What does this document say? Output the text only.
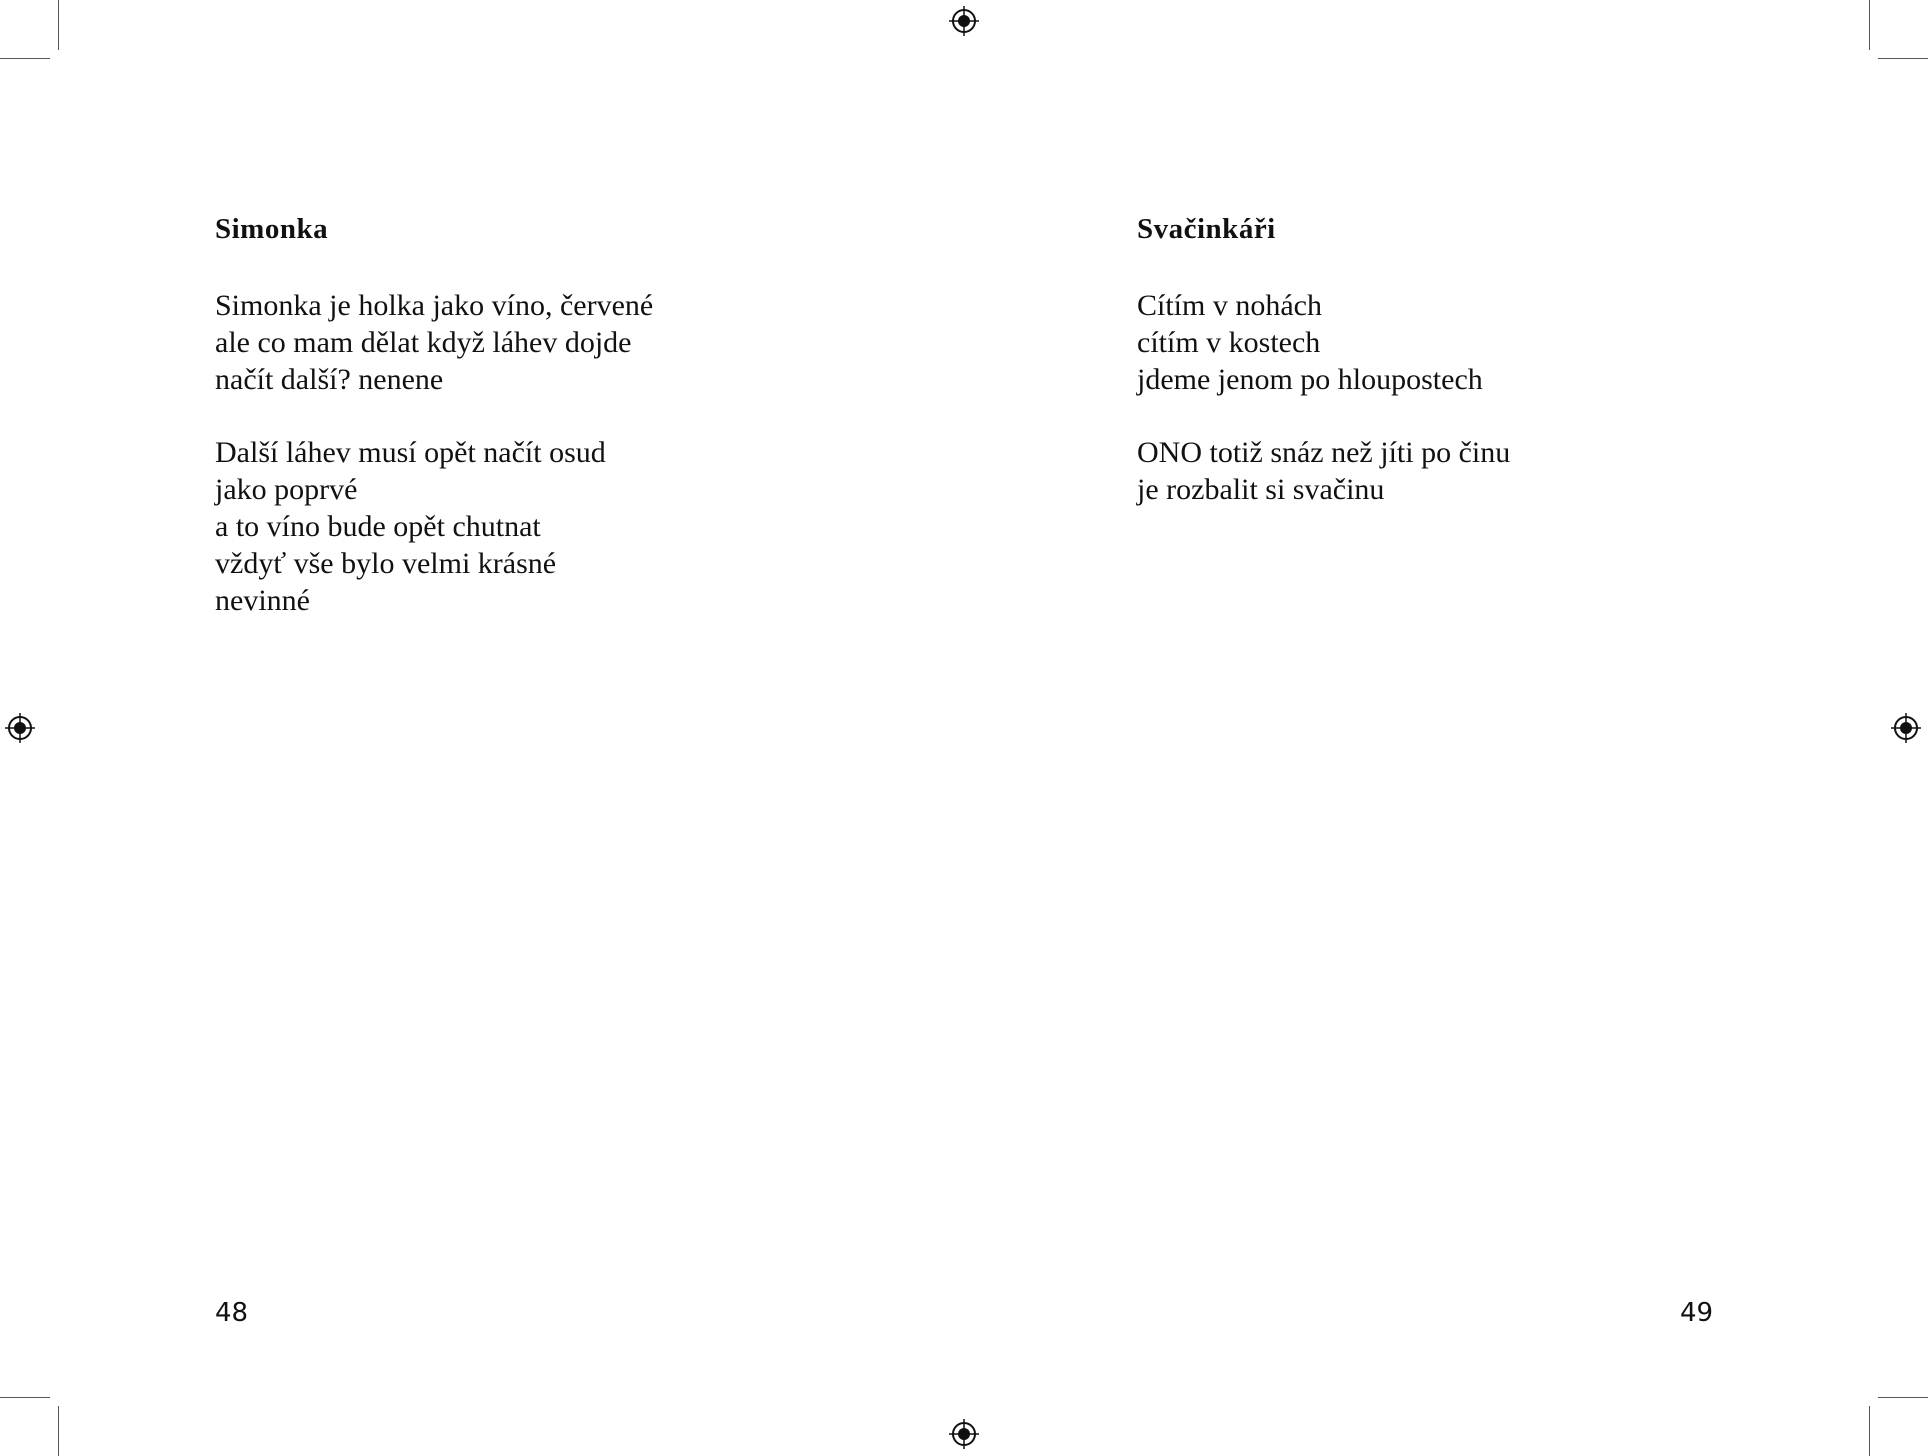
Simonka
Simonka je holka jako víno, červené
ale co mam dělat když láhev dojde
načít další? nenene
Další láhev musí opět načít osud
jako poprvé
a to víno bude opět chutnat
vždyť vše bylo velmi krásné
nevinné
48
Svačinkáři
Cítím v nohách
cítím v kostech
jdeme jenom po hloupostech
ONO totiž snáz než jíti po činu
je rozbalit si svačinu
49
